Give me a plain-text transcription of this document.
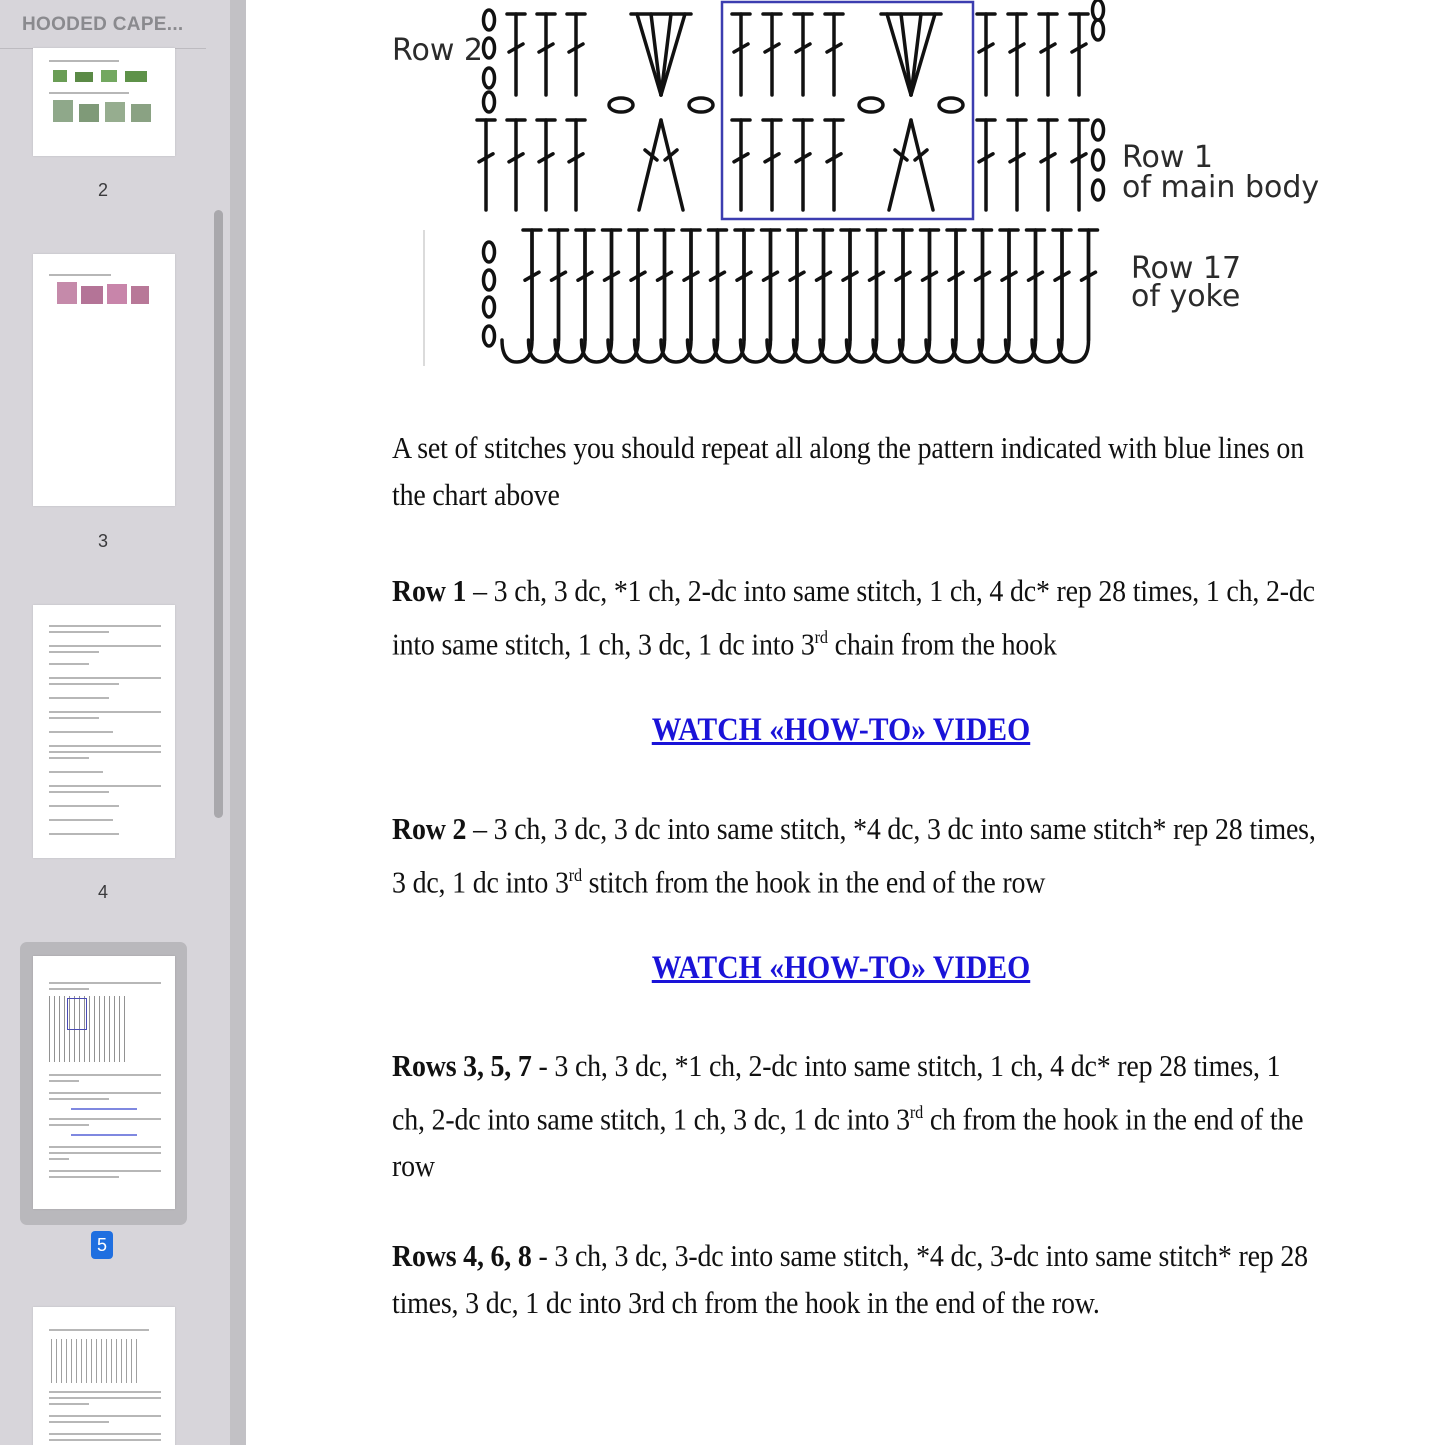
HOODED CAPE...
2
3
4
5
Row 2
Row 1
of main body
Row 17
of yoke
A set of stitches you should repeat all along the pattern indicated with blue lines on the chart above
Row 1 – 3 ch, 3 dc, *1 ch, 2-dc into same stitch, 1 ch, 4 dc* rep 28 times, 1 ch, 2-dc into same stitch, 1 ch, 3 dc, 1 dc into 3rd chain from the hook
WATCH «HOW-TO» VIDEO
Row 2 – 3 ch, 3 dc, 3 dc into same stitch, *4 dc, 3 dc into same stitch* rep 28 times, 3 dc, 1 dc into 3rd stitch from the hook in the end of the row
WATCH «HOW-TO» VIDEO
Rows 3, 5, 7 - 3 ch, 3 dc, *1 ch, 2-dc into same stitch, 1 ch, 4 dc* rep 28 times, 1 ch, 2-dc into same stitch, 1 ch, 3 dc, 1 dc into 3rd ch from the hook in the end of the row
Rows 4, 6, 8 - 3 ch, 3 dc, 3-dc into same stitch, *4 dc, 3-dc into same stitch* rep 28 times, 3 dc, 1 dc into 3rd ch from the hook in the end of the row.
